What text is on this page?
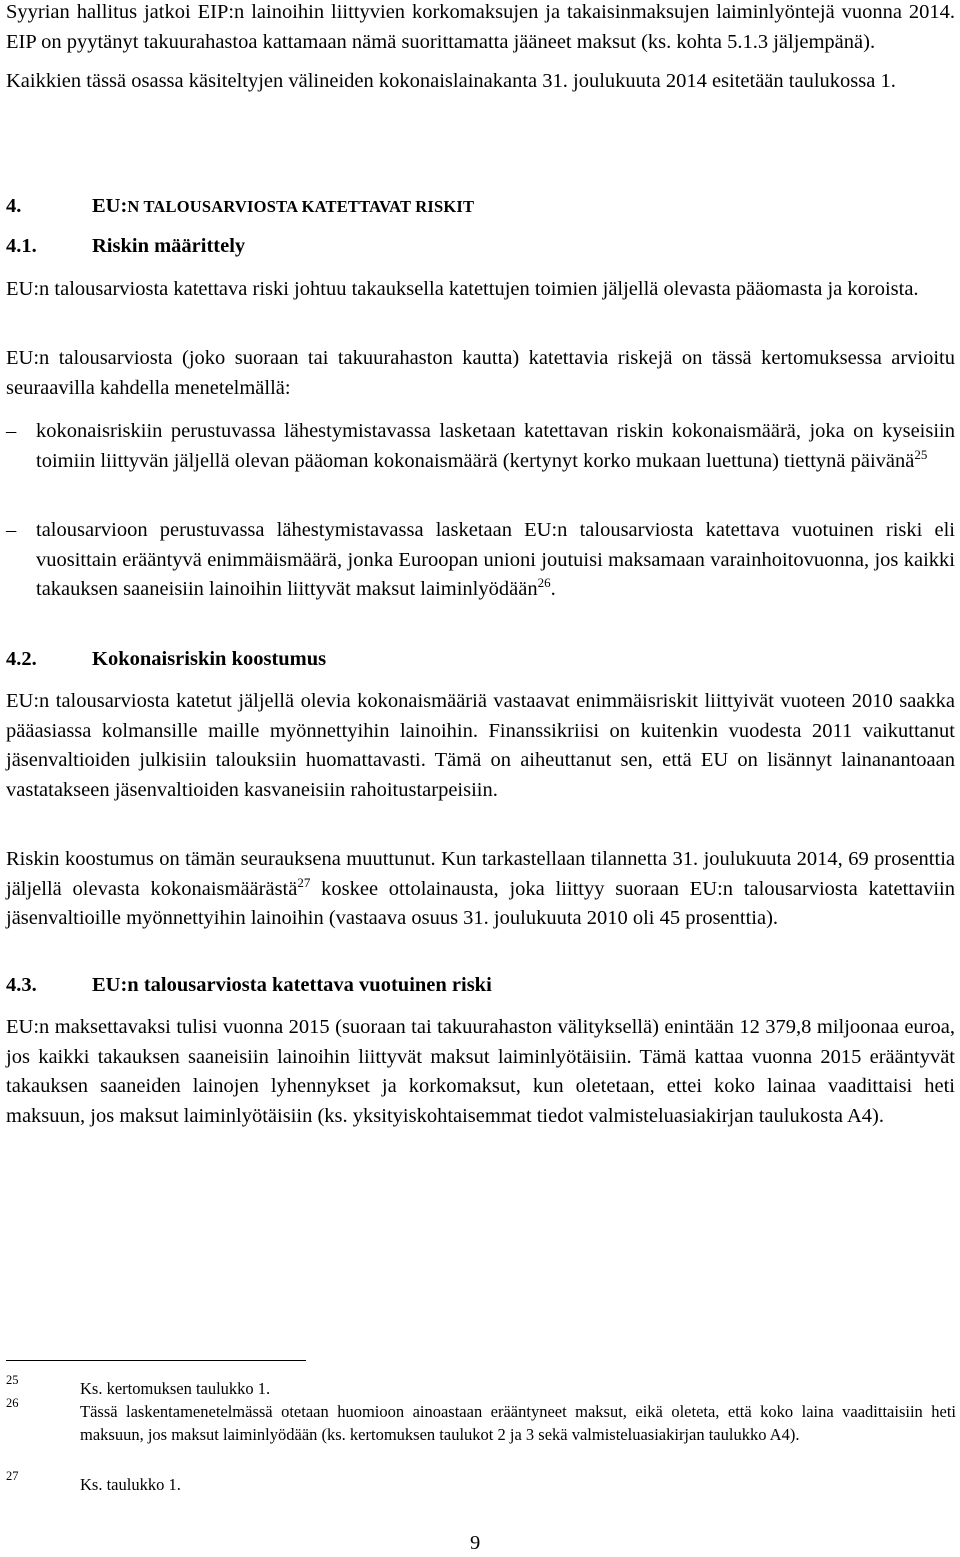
Syyrian hallitus jatkoi EIP:n lainoihin liittyvien korkomaksujen ja takaisinmaksujen laiminlyöntejä vuonna 2014. EIP on pyytänyt takuurahastoa kattamaan nämä suorittamatta jääneet maksut (ks. kohta 5.1.3 jäljempänä).

Kaikkien tässä osassa käsiteltyjen välineiden kokonaislainakanta 31. joulukuuta 2014 esitetään taulukossa 1.

4.	EU:N TALOUSARVIOSTA KATETTAVAT RISKIT
4.1.	Riskin määrittely

EU:n talousarviosta katettava riski johtuu takauksella katettujen toimien jäljellä olevasta pääomasta ja koroista.

EU:n talousarviosta (joko suoraan tai takuurahaston kautta) katettavia riskejä on tässä kertomuksessa arvioitu seuraavilla kahdella menetelmällä:

– kokonaisriskiin perustuvassa lähestymistavassa lasketaan katettavan riskin kokonaismäärä, joka on kyseisiin toimiin liittyvän jäljellä olevan pääoman kokonaismäärä (kertynyt korko mukaan luettuna) tiettynä päivänä$^{25}$
– talousarvioon perustuvassa lähestymistavassa lasketaan EU:n talousarviosta katettava vuotuinen riski eli vuosittain erääntyvä enimmäismäärä, jonka Euroopan unioni joutuisi maksamaan varainhoitovuonna, jos kaikki takauksen saaneisiin lainoihin liittyvät maksut laiminlyödään$^{26}$.
4.2.	Kokonaisriskin koostumus

EU:n talousarviosta katetut jäljellä olevia kokonaismääriä vastaavat enimmäisriskit liittyivät vuoteen 2010 saakka pääasiassa kolmansille maille myönnettyihin lainoihin. Finanssikriisi on kuitenkin vuodesta 2011 vaikuttanut jäsenvaltioiden julkisiin talouksiin huomattavasti. Tämä on aiheuttanut sen, että EU on lisännyt lainanantoaan vastatakseen jäsenvaltioiden kasvaneisiin rahoitustarpeisiin.

Riskin koostumus on tämän seurauksena muuttunut. Kun tarkastellaan tilannetta 31. joulukuuta 2014, 69 prosenttia jäljellä olevasta kokonaismäärästä$^{27}$ koskee ottolainausta, joka liittyy suoraan EU:n talousarviosta katettaviin jäsenvaltioille myönnettyihin lainoihin (vastaava osuus 31. joulukuuta 2010 oli 45 prosenttia).

4.3.	EU:n talousarviosta katettava vuotuinen riski

EU:n maksettavaksi tulisi vuonna 2015 (suoraan tai takuurahaston välityksellä) enintään 12 379,8 miljoonaa euroa, jos kaikki takauksen saaneisiin lainoihin liittyvät maksut laiminlyötäisiin. Tämä kattaa vuonna 2015 erääntyvät takauksen saaneiden lainojen lyhennykset ja korkomaksut, kun oletetaan, ettei koko lainaa vaadittaisi heti maksuun, jos maksut laiminlyötäisiin (ks. yksityiskohtaisemmat tiedot valmisteluasiakirjan taulukosta A4).

25	Ks. kertomuksen taulukko 1.
26	Tässä laskentamenetelmässä otetaan huomioon ainoastaan erääntyneet maksut, eikä oleteta, että koko laina vaadittaisiin heti maksuun, jos maksut laiminlyödään (ks. kertomuksen taulukot 2 ja 3 sekä valmisteluasiakirjan taulukko A4).
27	Ks. taulukko 1.
9
